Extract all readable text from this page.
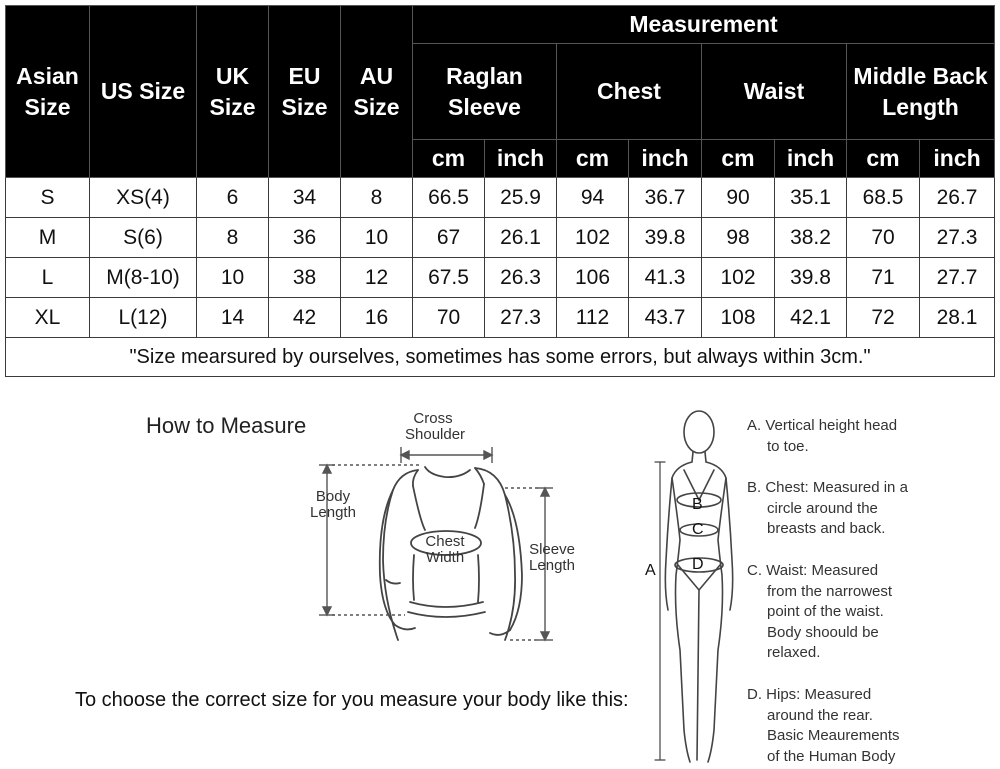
Asian Size	US Size	UK Size	EU Size	AU Size	Measurement							
					Raglan Sleeve		Chest		Waist		Middle Back Length	
					cm	inch	cm	inch	cm	inch	cm	inch
S	XS(4)	6	34	8	66.5	25.9	94	36.7	90	35.1	68.5	26.7
M	S(6)	8	36	10	67	26.1	102	39.8	98	38.2	70	27.3
L	M(8-10)	10	38	12	67.5	26.3	106	41.3	102	39.8	71	27.7
XL	L(12)	14	42	16	70	27.3	112	43.7	108	42.1	72	28.1
"Size mearsured by ourselves, sometimes has some errors, but always within 3cm."												
How to Measure	Cross
Shoulder
Body
Length
Chest
Width	Sleeve
Length	A
B
C
D
A. Vertical height head
to toe.
B. Chest: Measured in a
circle around the
breasts and back.
C. Waist: Measured
from the narrowest
point of the waist.
Body shoould be
relaxed.
D. Hips: Measured
around the rear.
Basic Meaurements
of the Human Body
To choose the correct size for you measure your body like this:
